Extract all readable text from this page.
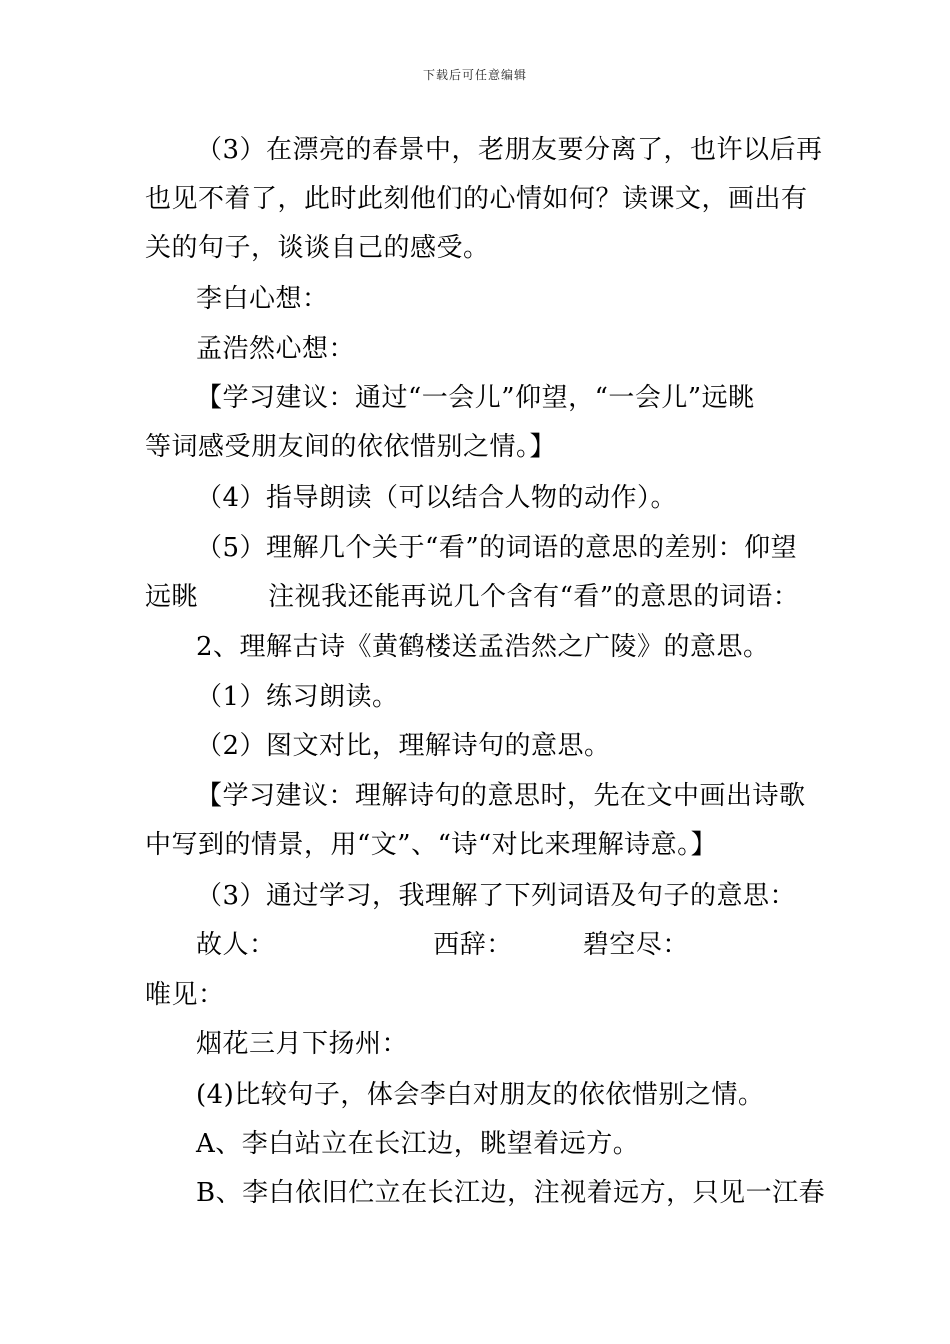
下载后可任意编辑
（3）在漂亮的春景中，老朋友要分离了，也许以后再
也见不着了，此时此刻他们的心情如何？读课文，画出有
关的句子，谈谈自己的感受。
李白心想：
孟浩然心想：
【学习建议：通过“一会儿”仰望，“一会儿”远眺
等词感受朋友间的依依惜别之情。】
（4）指导朗读（可以结合人物的动作）。
（5）理解几个关于“看”的词语的意思的差别：仰望
远眺        注视我还能再说几个含有“看”的意思的词语：
2、理解古诗《黄鹤楼送孟浩然之广陵》的意思。
（1）练习朗读。
（2）图文对比，理解诗句的意思。
【学习建议：理解诗句的意思时，先在文中画出诗歌
中写到的情景，用“文”、“诗“对比来理解诗意。】
（3）通过学习，我理解了下列词语及句子的意思：
故人：                  西辞：        碧空尽：
唯见：
烟花三月下扬州：
(4)比较句子，体会李白对朋友的依依惜别之情。
A、李白站立在长江边，眺望着远方。
B、李白依旧伫立在长江边，注视着远方，只见一江春
